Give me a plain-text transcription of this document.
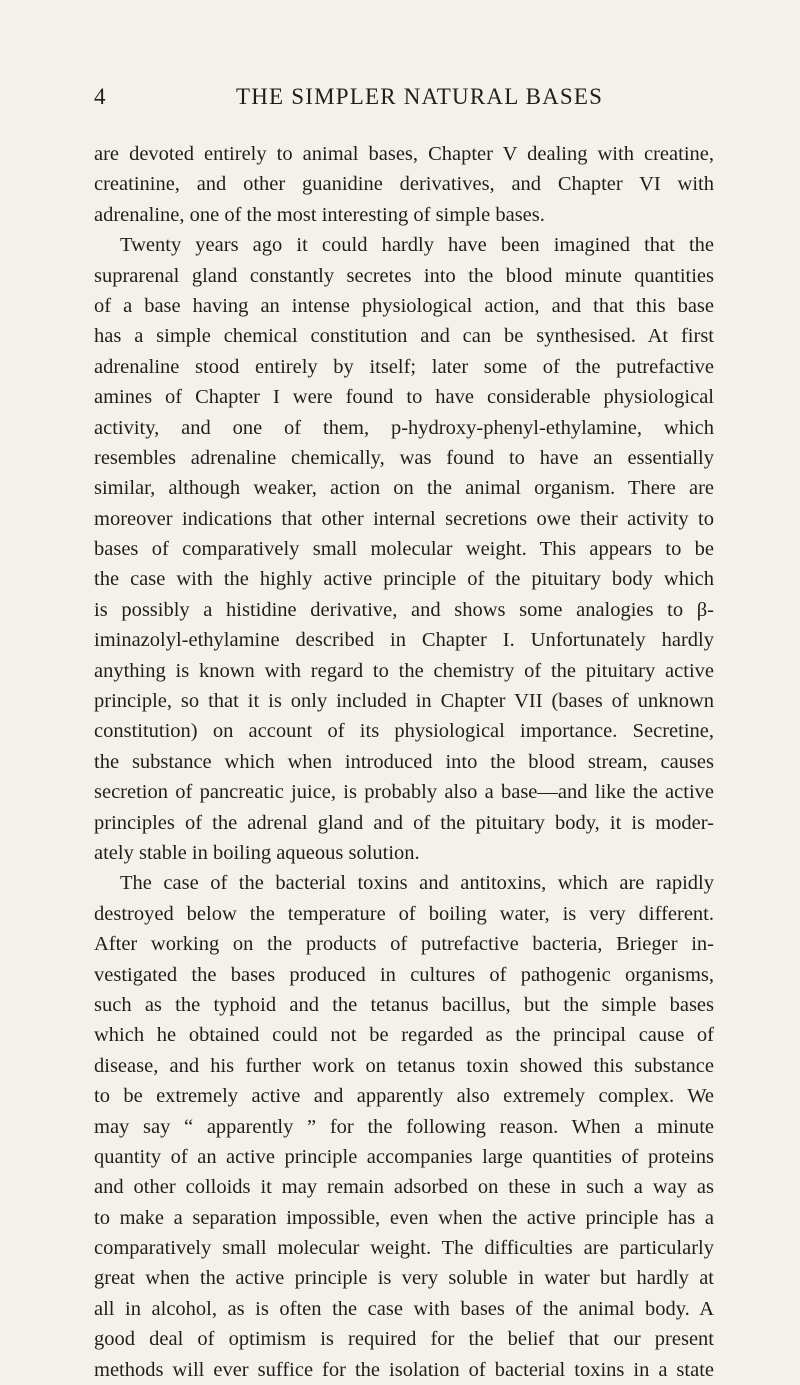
4	THE SIMPLER NATURAL BASES
are devoted entirely to animal bases, Chapter V dealing with creatine,
creatinine, and other guanidine derivatives, and Chapter VI with
adrenaline, one of the most interesting of simple bases.
Twenty years ago it could hardly have been imagined that the
suprarenal gland constantly secretes into the blood minute quantities
of a base having an intense physiological action, and that this base
has a simple chemical constitution and can be synthesised. At first
adrenaline stood entirely by itself; later some of the putrefactive
amines of Chapter I were found to have considerable physiological
activity, and one of them, p-hydroxy-phenyl-ethylamine, which
resembles adrenaline chemically, was found to have an essentially
similar, although weaker, action on the animal organism. There are
moreover indications that other internal secretions owe their activity to
bases of comparatively small molecular weight. This appears to be
the case with the highly active principle of the pituitary body which
is possibly a histidine derivative, and shows some analogies to β-
iminazolyl-ethylamine described in Chapter I. Unfortunately hardly
anything is known with regard to the chemistry of the pituitary active
principle, so that it is only included in Chapter VII (bases of unknown
constitution) on account of its physiological importance. Secretine,
the substance which when introduced into the blood stream, causes
secretion of pancreatic juice, is probably also a base—and like the active
principles of the adrenal gland and of the pituitary body, it is moder-
ately stable in boiling aqueous solution.
The case of the bacterial toxins and antitoxins, which are rapidly
destroyed below the temperature of boiling water, is very different.
After working on the products of putrefactive bacteria, Brieger in-
vestigated the bases produced in cultures of pathogenic organisms,
such as the typhoid and the tetanus bacillus, but the simple bases
which he obtained could not be regarded as the principal cause of
disease, and his further work on tetanus toxin showed this substance
to be extremely active and apparently also extremely complex. We
may say “ apparently ” for the following reason. When a minute
quantity of an active principle accompanies large quantities of proteins
and other colloids it may remain adsorbed on these in such a way as
to make a separation impossible, even when the active principle has a
comparatively small molecular weight. The difficulties are particularly
great when the active principle is very soluble in water but hardly at
all in alcohol, as is often the case with bases of the animal body. A
good deal of optimism is required for the belief that our present
methods will ever suffice for the isolation of bacterial toxins in a state
